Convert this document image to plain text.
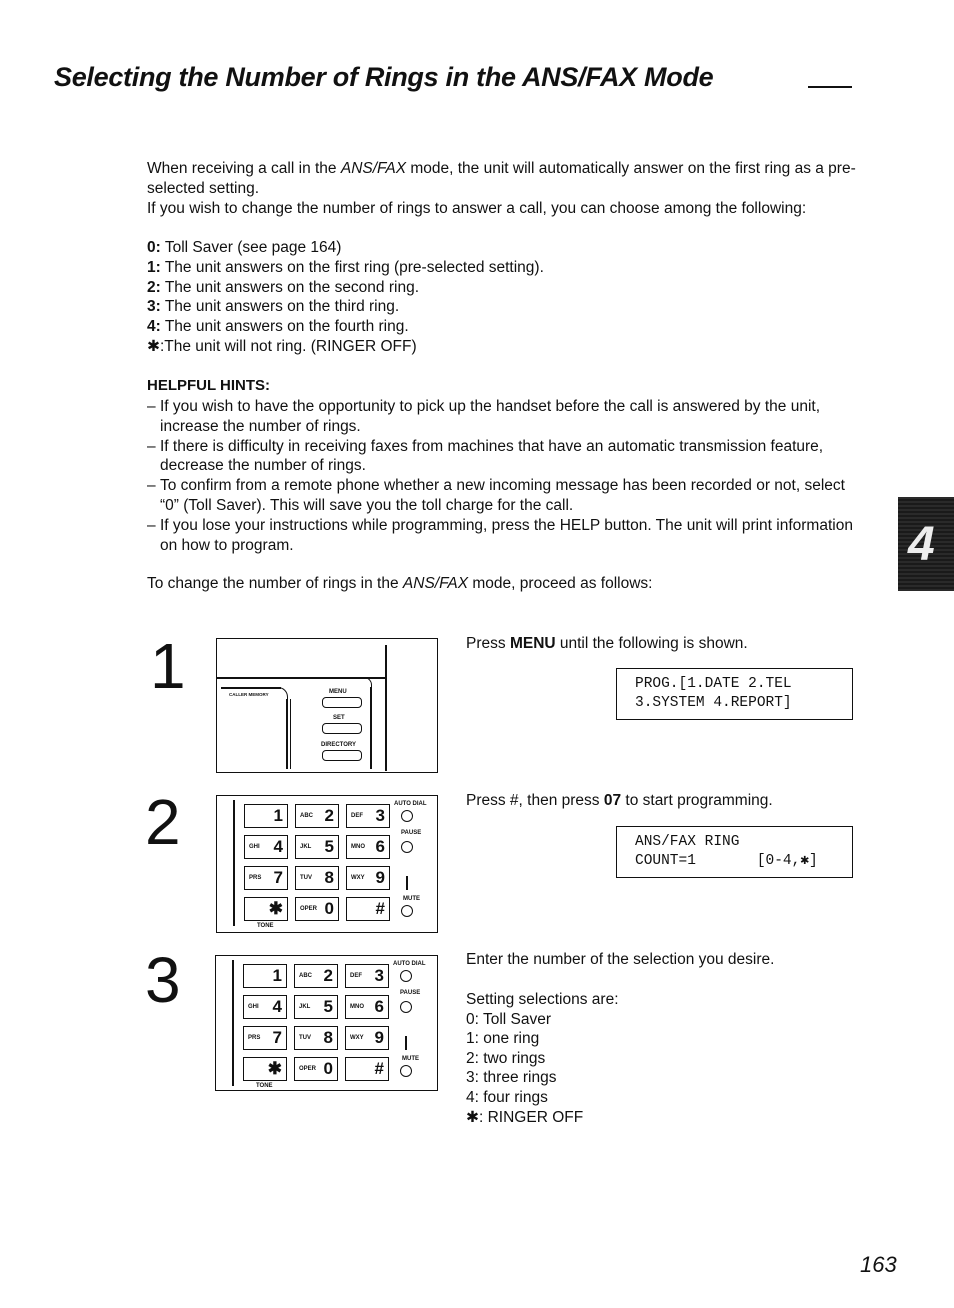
Selecting the Number of Rings in the ANS/FAX Mode

When receiving a call in the ANS/FAX mode, the unit will automatically answer on the first ring as a pre-selected setting.

If you wish to change the number of rings to answer a call, you can choose among the following:

0: Toll Saver (see page 164)
1: The unit answers on the first ring (pre-selected setting).
2: The unit answers on the second ring.
3: The unit answers on the third ring.
4: The unit answers on the fourth ring.
✱:The unit will not ring. (RINGER OFF)
HELPFUL HINTS:

– If you wish to have the opportunity to pick up the handset before the call is answered by the unit, increase the number of rings.

– If there is difficulty in receiving faxes from machines that have an automatic transmission feature, decrease the number of rings.

– To confirm from a remote phone whether a new incoming message has been recorded or not, select “0” (Toll Saver). This will save you the toll charge for the call.

– If you lose your instructions while programming, press the HELP button. The unit will print information on how to program.

To change the number of rings in the ANS/FAX mode, proceed as follows:
4
1	CALLER MEMORY	MENU
SET
DIRECTORY
Press MENU until the following is shown.
PROG.[1.DATE 2.TEL
3.SYSTEM 4.REPORT]
2	1	ABC 2	DEF 3
GHI 4	JKL 5	MNO 6
PRS 7	TUV 8	WXY 9
✱	OPER 0 #
AUTO DIAL
PAUSE
MUTE
TONE
Press #, then press 07 to start programming.
ANS/FAX RING
COUNT=1       [0-4,✱]
3	1	ABC 2	DEF 3
GHI 4	JKL 5	MNO 6
PRS 7	TUV 8	WXY 9
✱	OPER 0 #
AUTO DIAL
PAUSE
MUTE
TONE
Enter the number of the selection you desire.
Setting selections are:
0: Toll Saver
1: one ring
2: two rings
3: three rings
4: four rings
✱: RINGER OFF
163
